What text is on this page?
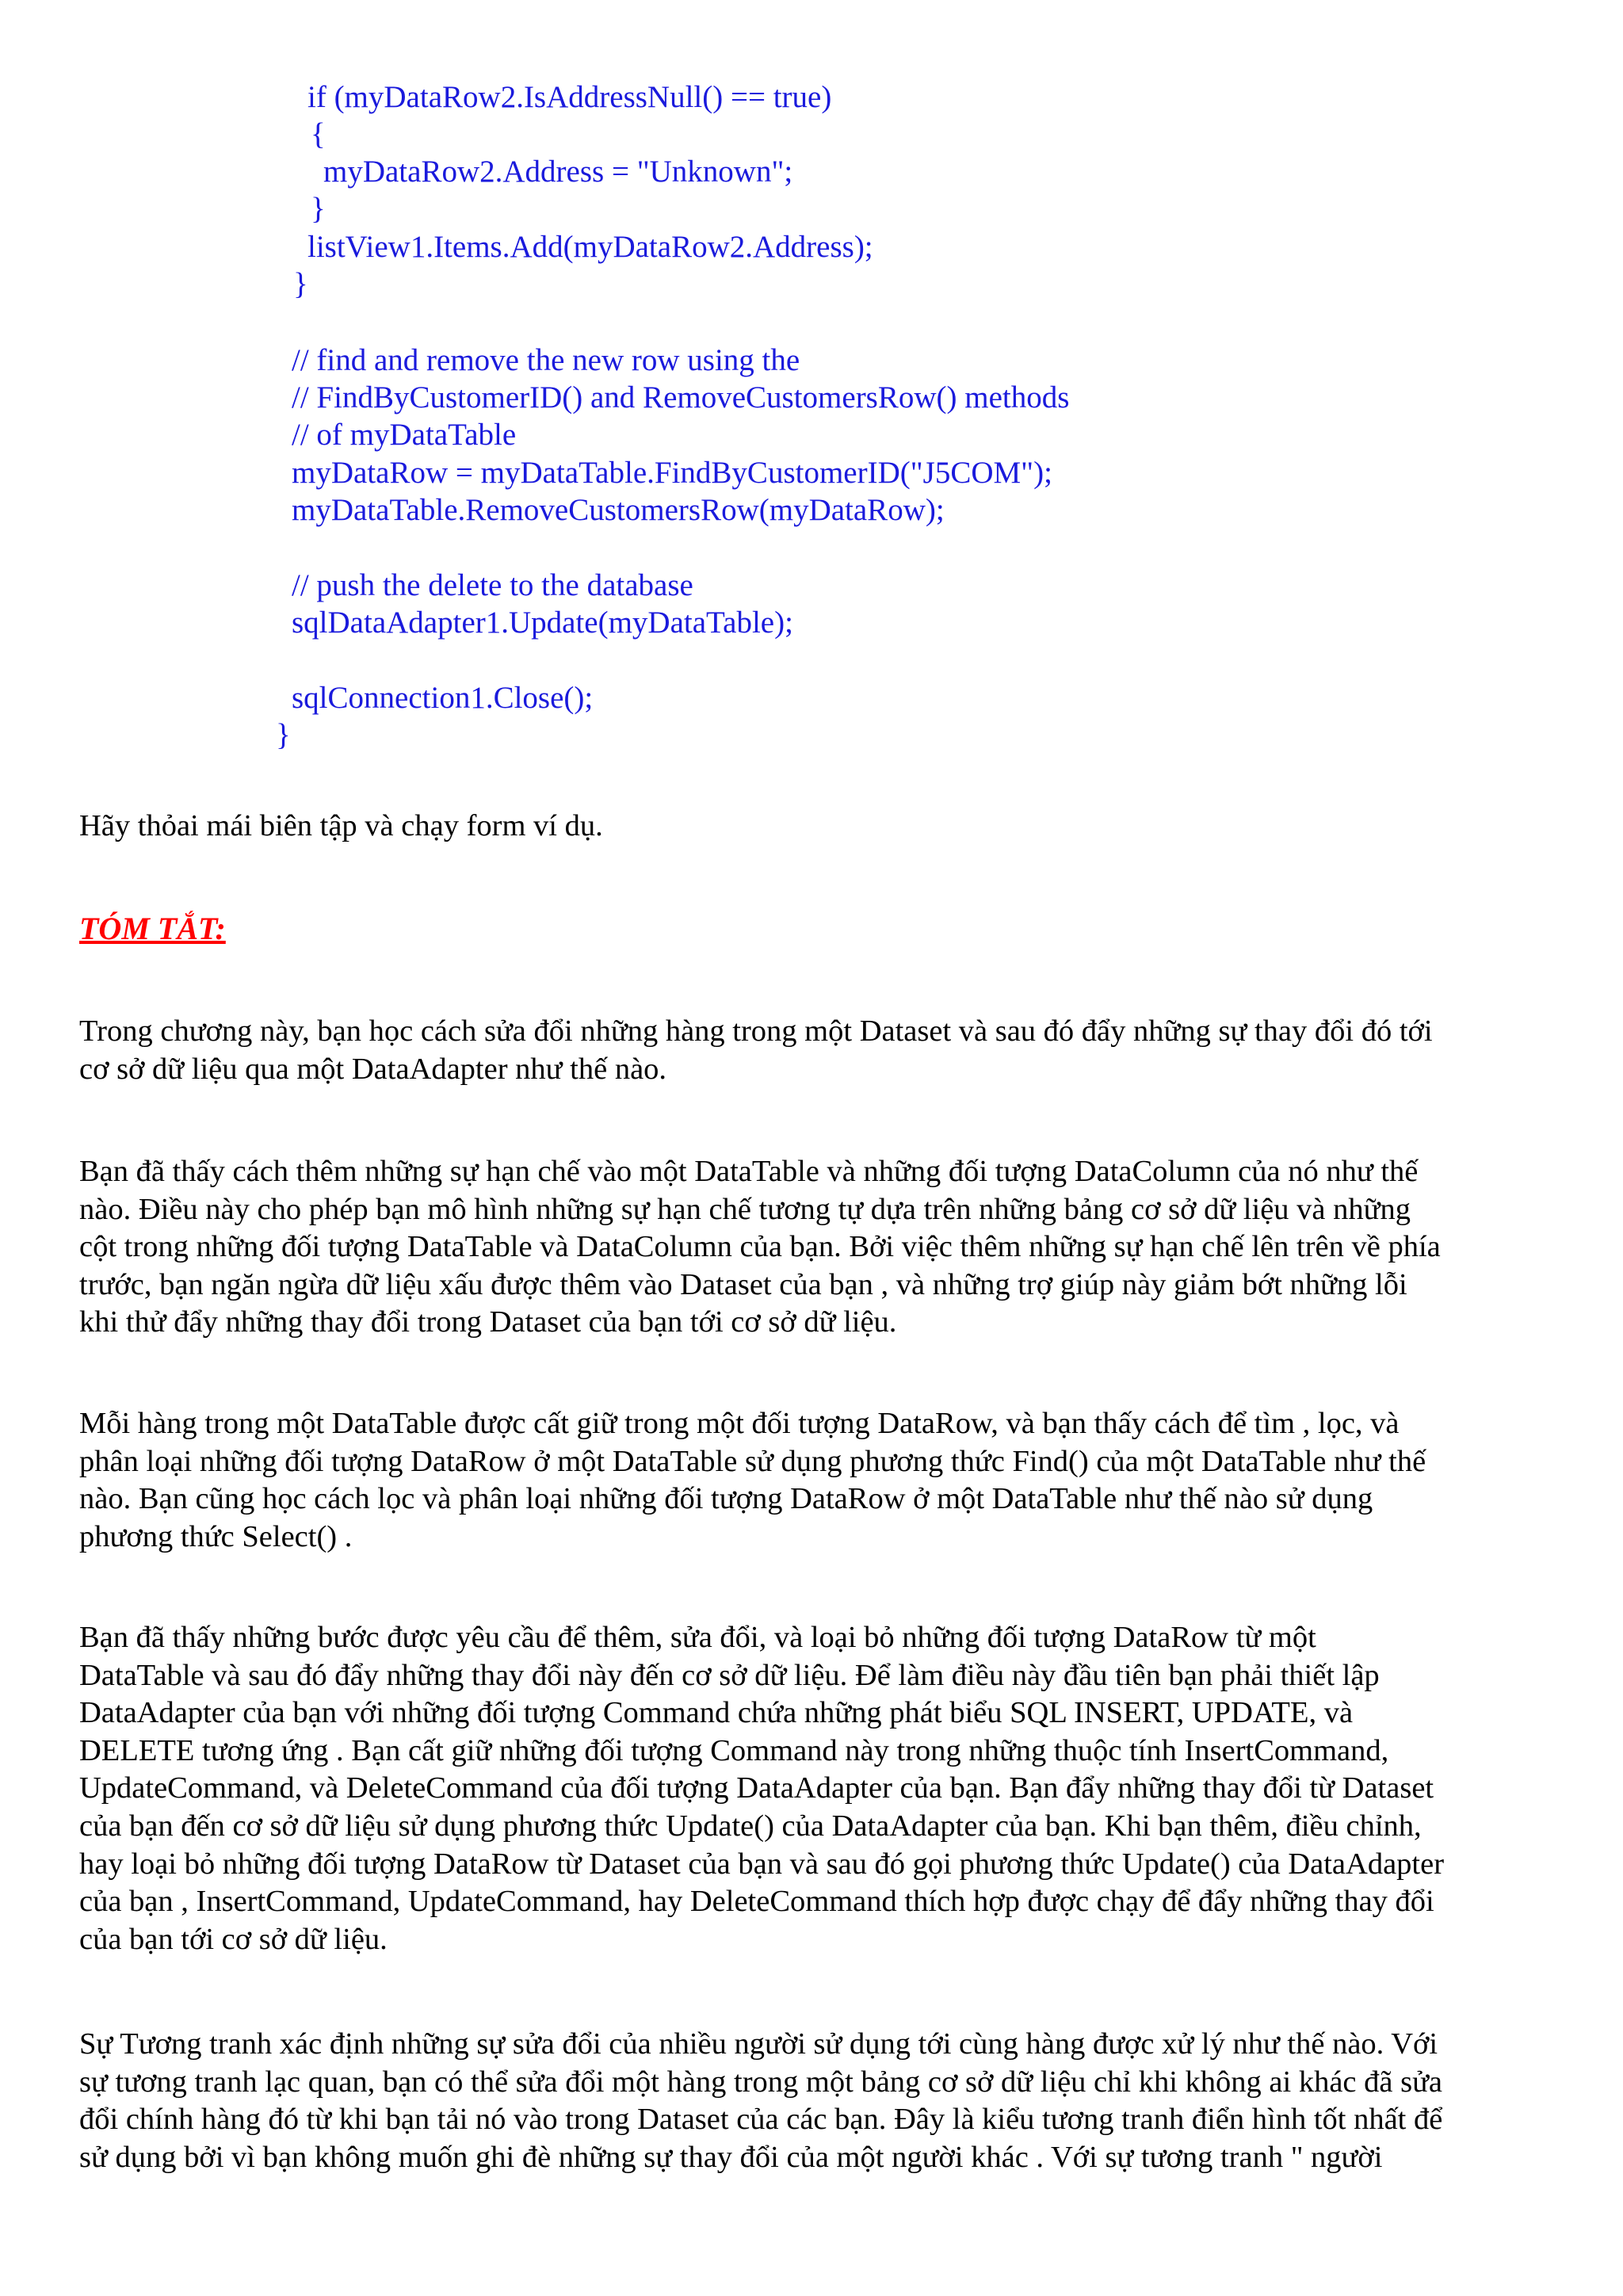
if (myDataRow2.IsAddressNull() == true)

{

myDataRow2.Address = "Unknown";

}

listView1.Items.Add(myDataRow2.Address);

}

// find and remove the new row using the

// FindByCustomerID() and RemoveCustomersRow() methods

// of myDataTable

myDataRow = myDataTable.FindByCustomerID("J5COM");

myDataTable.RemoveCustomersRow(myDataRow);

// push the delete to the database

sqlDataAdapter1.Update(myDataTable);

sqlConnection1.Close();

}

Hãy thỏai mái biên tập và chạy form ví dụ.

TÓM TẮT:

Trong chương này, bạn học cách sửa đổi những hàng trong một Dataset và sau đó đẩy những sự thay đổi đó tới
cơ sở dữ liệu qua một DataAdapter như thế nào.

Bạn đã thấy cách thêm những sự hạn chế vào một DataTable và những đối tượng DataColumn của nó như thế
nào. Điều này cho phép bạn mô hình những sự hạn chế tương tự dựa trên những bảng cơ sở dữ liệu và những
cột trong những đối tượng DataTable và DataColumn của bạn. Bởi việc thêm những sự hạn chế lên trên về phía
trước, bạn ngăn ngừa dữ liệu xấu được thêm vào Dataset của bạn , và những trợ giúp này giảm bớt những lỗi
khi thử đẩy những thay đổi trong Dataset của bạn tới cơ sở dữ liệu.

Mỗi hàng trong một DataTable được cất giữ trong một đối tượng DataRow, và bạn thấy cách để tìm , lọc, và
phân loại những đối tượng DataRow ở một DataTable sử dụng phương thức Find() của một DataTable như thế
nào. Bạn cũng học cách lọc và phân loại những đối tượng DataRow ở một DataTable như thế nào sử dụng
phương thức Select() .

Bạn đã thấy những bước được yêu cầu để thêm, sửa đổi, và loại bỏ những đối tượng DataRow từ một
DataTable và sau đó đẩy những thay đổi này đến cơ sở dữ liệu. Để làm điều này đầu tiên bạn phải thiết lập
DataAdapter của bạn với những đối tượng Command chứa những phát biểu SQL INSERT, UPDATE, và
DELETE tương ứng . Bạn cất giữ những đối tượng Command này trong những thuộc tính InsertCommand,
UpdateCommand, và DeleteCommand của đối tượng DataAdapter của bạn. Bạn đẩy những thay đổi từ Dataset
của bạn đến cơ sở dữ liệu sử dụng phương thức Update() của DataAdapter của bạn. Khi bạn thêm, điều chỉnh,
hay loại bỏ những đối tượng DataRow từ Dataset của bạn và sau đó gọi phương thức Update() của DataAdapter
của bạn , InsertCommand, UpdateCommand, hay DeleteCommand thích hợp được chạy để đẩy những thay đổi
của bạn tới cơ sở dữ liệu.

Sự Tương tranh xác định những sự sửa đổi của nhiều người sử dụng tới cùng hàng được xử lý như thế nào. Với
sự tương tranh lạc quan, bạn có thể sửa đổi một hàng trong một bảng cơ sở dữ liệu chỉ khi không ai khác đã sửa
đổi chính hàng đó từ khi bạn tải nó vào trong Dataset của các bạn. Đây là kiểu tương tranh điển hình tốt nhất để
sử dụng bởi vì bạn không muốn ghi đè những sự thay đổi của một người khác . Với sự tương tranh " người
